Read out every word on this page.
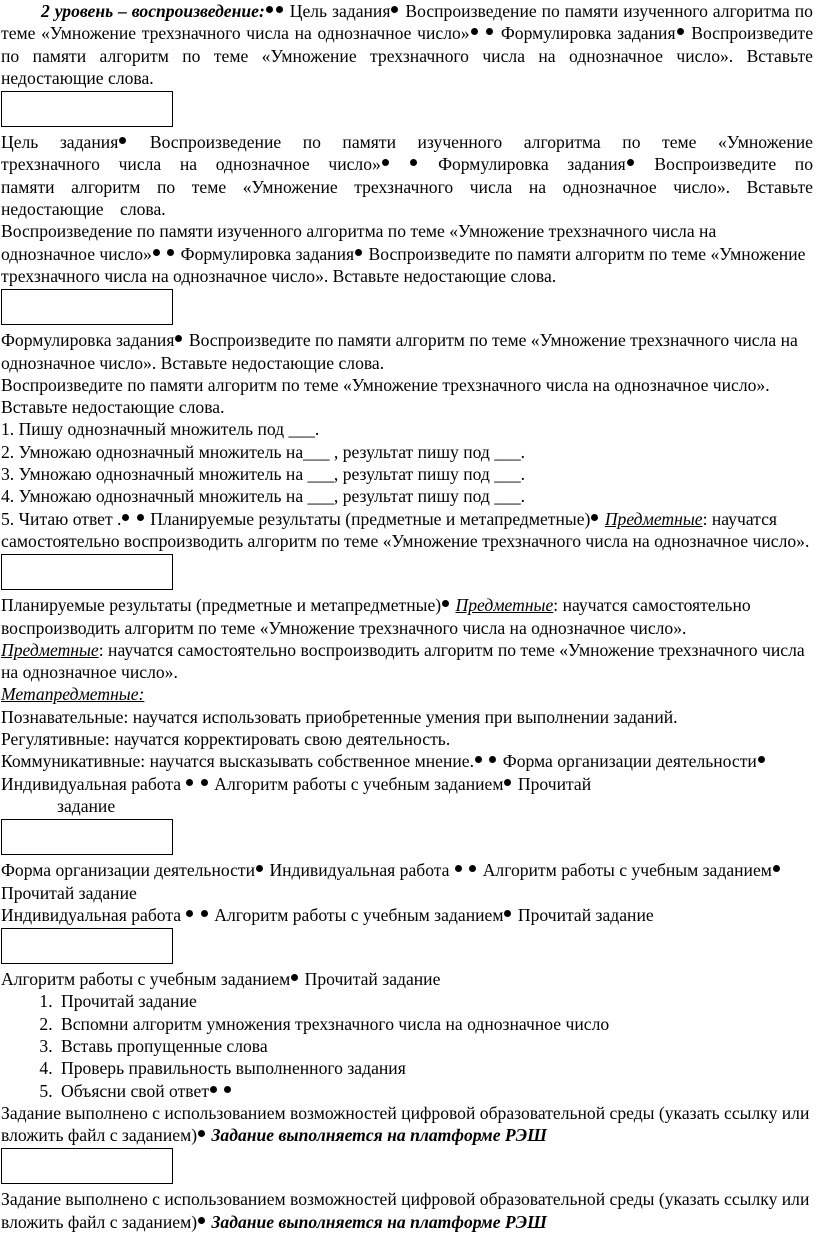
2 уровень – воспроизведение: Цель задания Воспроизведение по памяти изученного алгоритма по теме «Умножение трехзначного числа на однозначное число» Формулировка задания Воспроизведите по памяти алгоритм по теме «Умножение трехзначного числа на однозначное число». Вставьте недостающие слова.

Цель задания Воспроизведение по памяти изученного алгоритма по теме «Умножение трехзначного числа на однозначное число»	Формулировка задания Воспроизведите по памяти алгоритм по теме «Умножение трехзначного числа на однозначное число». Вставьте недостающие слова.

Воспроизведение по памяти изученного алгоритма по теме «Умножение трехзначного числа на однозначное число» Формулировка задания Воспроизведите по памяти алгоритм по теме «Умножение трехзначного числа на однозначное число». Вставьте недостающие слова.

Формулировка задания Воспроизведите по памяти алгоритм по теме «Умножение трехзначного числа на однозначное число». Вставьте недостающие слова.

Воспроизведите по памяти алгоритм по теме «Умножение трехзначного числа на однозначное число». Вставьте недостающие слова.

1. Пишу однозначный множитель под ___.

2. Умножаю однозначный множитель на___ , результат пишу под ___.

3. Умножаю однозначный множитель на ___, результат пишу под ___.

4. Умножаю однозначный множитель на ___, результат пишу под ___.

5. Читаю ответ . Планируемые результаты (предметные и метапредметные) Предметные: научатся самостоятельно воспроизводить алгоритм по теме «Умножение трехзначного числа на однозначное число».

Планируемые результаты (предметные и метапредметные) Предметные: научатся самостоятельно воспроизводить алгоритм по теме «Умножение трехзначного числа на однозначное число».

Предметные: научатся самостоятельно воспроизводить алгоритм по теме «Умножение трехзначного числа на однозначное число».

Метапредметные:

Познавательные: научатся использовать приобретенные умения при выполнении заданий.

Регулятивные: научатся корректировать свою деятельность.

Коммуникативные: научатся высказывать собственное мнение. Форма организации деятельности Индивидуальная работа Алгоритм работы с учебным заданием Прочитай

задание

Форма организации деятельности Индивидуальная работа Алгоритм работы с учебным заданием Прочитай задание

Индивидуальная работа Алгоритм работы с учебным заданием Прочитай задание

Алгоритм работы с учебным заданием Прочитай задание

1. Прочитай задание
2. Вспомни алгоритм умножения трехзначного числа на однозначное число
3. Вставь пропущенные слова
4. Проверь правильность выполненного задания
5. Объясни свой ответ

Задание выполнено с использованием возможностей цифровой образовательной среды (указать ссылку или вложить файл с заданием) Задание выполняется на платформе РЭШ

Задание выполнено с использованием возможностей цифровой образовательной среды (указать ссылку или вложить файл с заданием) Задание выполняется на платформе РЭШ
